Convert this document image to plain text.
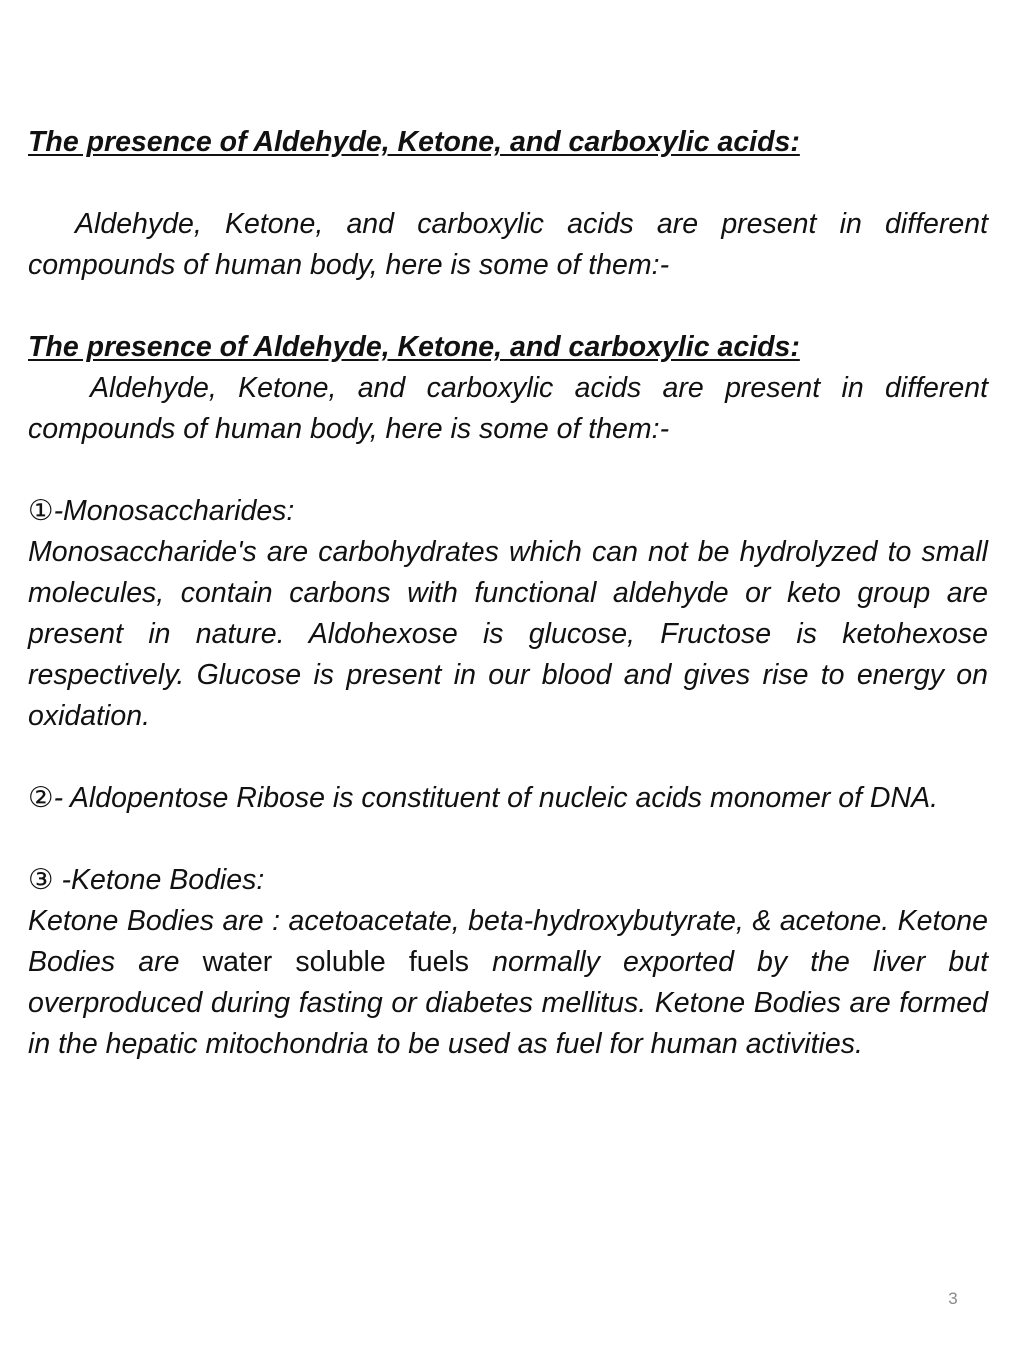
The presence of Aldehyde, Ketone, and carboxylic acids:

Aldehyde, Ketone, and carboxylic acids are present in different compounds of human body, here is some of them:-

The presence of Aldehyde, Ketone, and carboxylic acids:

Aldehyde, Ketone, and carboxylic acids are present in different compounds of human body, here is some of them:-

①-Monosaccharides:

Monosaccharide's are carbohydrates which can not be hydrolyzed to small molecules, contain carbons with functional aldehyde or keto group are present in nature. Aldohexose is glucose, Fructose is ketohexose respectively. Glucose is present in our blood and gives rise to energy on oxidation.

②- Aldopentose Ribose is constituent of nucleic acids monomer of DNA.

③ -Ketone Bodies:

Ketone Bodies are : acetoacetate, beta-hydroxybutyrate, & acetone. Ketone Bodies are water soluble fuels normally exported by the liver but overproduced during fasting or diabetes mellitus. Ketone Bodies are formed in the hepatic mitochondria to be used as fuel for human activities.

3
